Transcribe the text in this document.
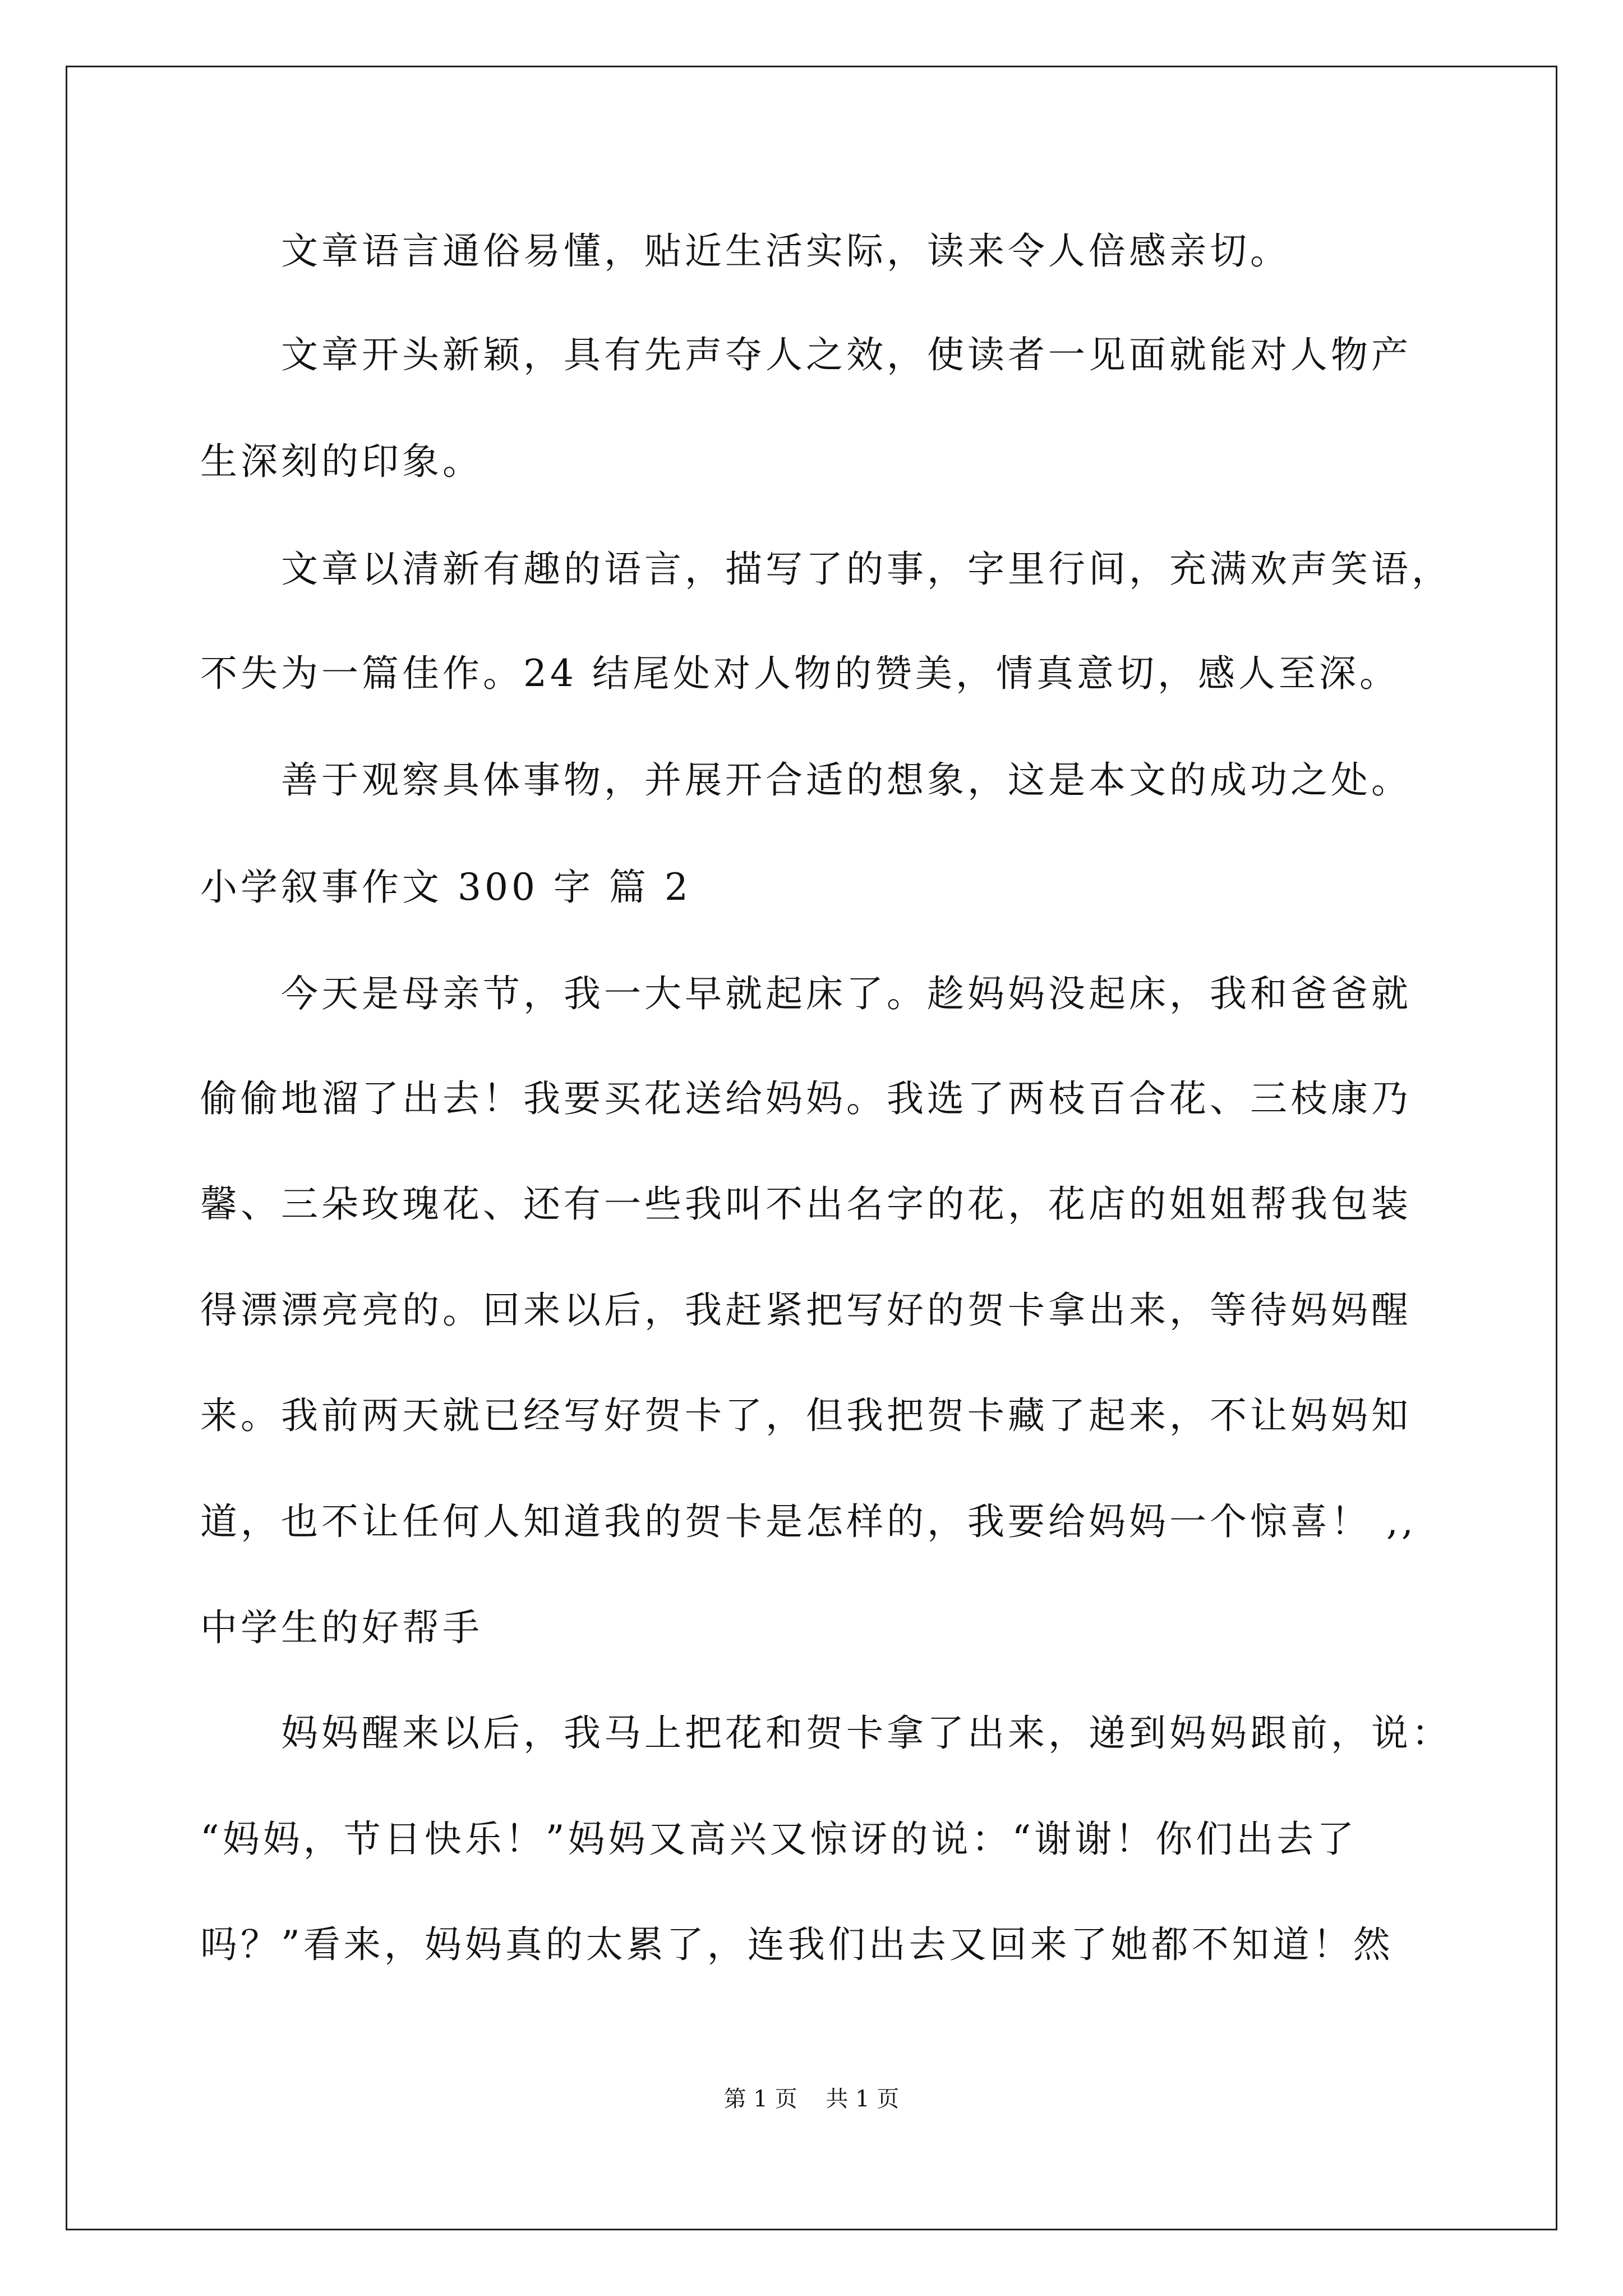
文章语言通俗易懂，贴近生活实际，读来令人倍感亲切。
文章开头新颖，具有先声夺人之效，使读者一见面就能对人物产
生深刻的印象。
文章以清新有趣的语言，描写了的事，字里行间，充满欢声笑语，
不失为一篇佳作。24 结尾处对人物的赞美，情真意切，感人至深。
善于观察具体事物，并展开合适的想象，这是本文的成功之处。
小学叙事作文 300 字 篇 2
今天是母亲节，我一大早就起床了。趁妈妈没起床，我和爸爸就
偷偷地溜了出去！我要买花送给妈妈。我选了两枝百合花、三枝康乃
馨、三朵玫瑰花、还有一些我叫不出名字的花，花店的姐姐帮我包装
得漂漂亮亮的。回来以后，我赶紧把写好的贺卡拿出来，等待妈妈醒
来。我前两天就已经写好贺卡了，但我把贺卡藏了起来，不让妈妈知
道，也不让任何人知道我的贺卡是怎样的，我要给妈妈一个惊喜！ ,,
中学生的好帮手
妈妈醒来以后，我马上把花和贺卡拿了出来，递到妈妈跟前，说：
“妈妈，节日快乐！”妈妈又高兴又惊讶的说：“谢谢！你们出去了
吗？”看来，妈妈真的太累了，连我们出去又回来了她都不知道！然
第 1 页    共 1 页
